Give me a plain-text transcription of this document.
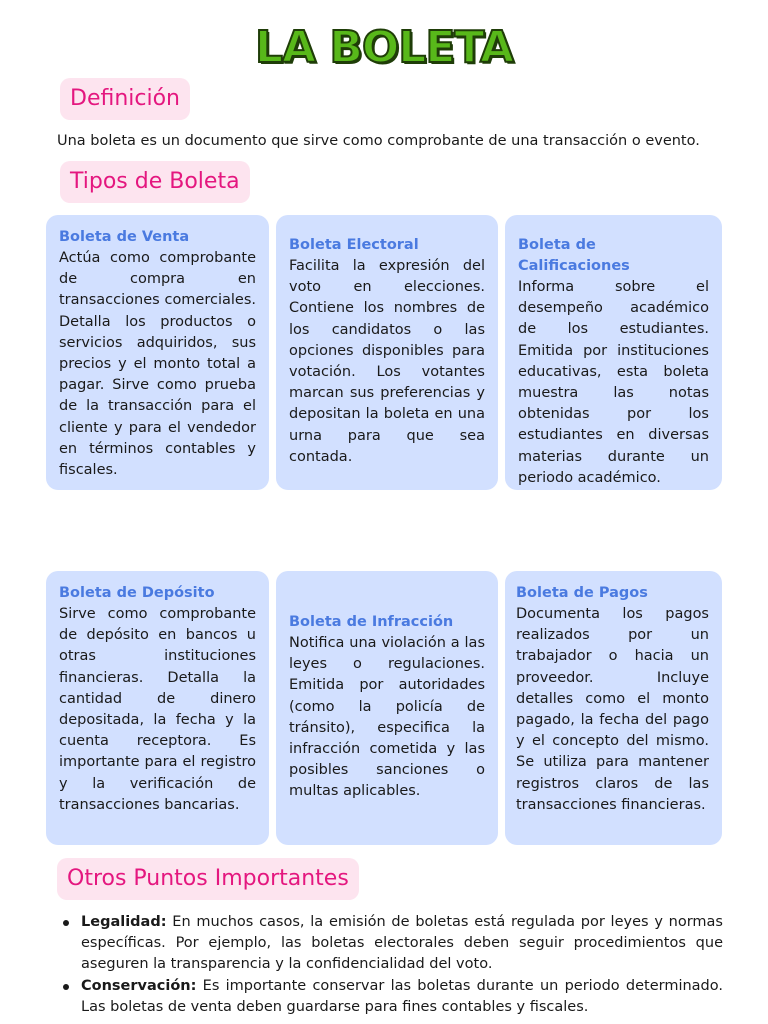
LA BOLETA
Definición

Una boleta es un documento que sirve como comprobante de una transacción o evento.

Tipos de Boleta
Boleta de Venta
Actúa como comprobante de compra en transacciones comerciales. Detalla los productos o servicios adquiridos, sus precios y el monto total a pagar. Sirve como prueba de la transacción para el cliente y para el vendedor en términos contables y fiscales.
Boleta Electoral
Facilita la expresión del voto en elecciones. Contiene los nombres de los candidatos o las opciones disponibles para votación. Los votantes marcan sus preferencias y depositan la boleta en una urna para que sea contada.
Boleta de Calificaciones
Informa sobre el desempeño académico de los estudiantes. Emitida por instituciones educativas, esta boleta muestra las notas obtenidas por los estudiantes en diversas materias durante un periodo académico.
Boleta de Depósito
Sirve como comprobante de depósito en bancos u otras instituciones financieras. Detalla la cantidad de dinero depositada, la fecha y la cuenta receptora. Es importante para el registro y la verificación de transacciones bancarias.
Boleta de Infracción
Notifica una violación a las leyes o regulaciones. Emitida por autoridades (como la policía de tránsito), especifica la infracción cometida y las posibles sanciones o multas aplicables.
Boleta de Pagos
Documenta los pagos realizados por un trabajador o hacia un proveedor. Incluye detalles como el monto pagado, la fecha del pago y el concepto del mismo. Se utiliza para mantener registros claros de las transacciones financieras.
Otros Puntos Importantes
Legalidad: En muchos casos, la emisión de boletas está regulada por leyes y normas específicas. Por ejemplo, las boletas electorales deben seguir procedimientos que aseguren la transparencia y la confidencialidad del voto.
Conservación: Es importante conservar las boletas durante un periodo determinado. Las boletas de venta deben guardarse para fines contables y fiscales.
